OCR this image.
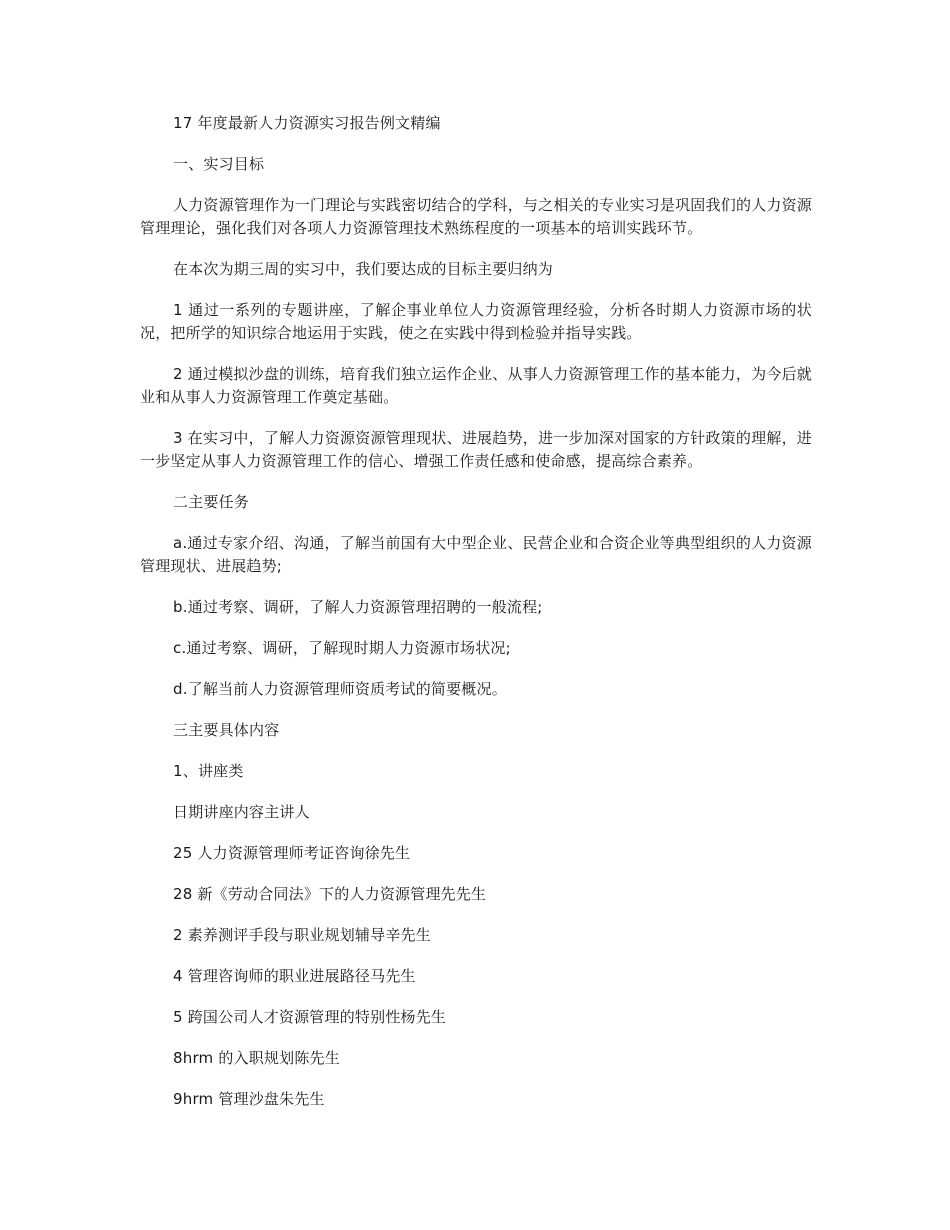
17 年度最新人力资源实习报告例文精编

一、实习目标

人力资源管理作为一门理论与实践密切结合的学科，与之相关的专业实习是巩固我们的人力资源管理理论，强化我们对各项人力资源管理技术熟练程度的一项基本的培训实践环节。

在本次为期三周的实习中，我们要达成的目标主要归纳为

1 通过一系列的专题讲座，了解企事业单位人力资源管理经验，分析各时期人力资源市场的状况，把所学的知识综合地运用于实践，使之在实践中得到检验并指导实践。

2 通过模拟沙盘的训练，培育我们独立运作企业、从事人力资源管理工作的基本能力，为今后就业和从事人力资源管理工作奠定基础。

3 在实习中，了解人力资源资源管理现状、进展趋势，进一步加深对国家的方针政策的理解，进一步坚定从事人力资源管理工作的信心、增强工作责任感和使命感，提高综合素养。

二主要任务

a.通过专家介绍、沟通，了解当前国有大中型企业、民营企业和合资企业等典型组织的人力资源管理现状、进展趋势;

b.通过考察、调研，了解人力资源管理招聘的一般流程;

c.通过考察、调研，了解现时期人力资源市场状况;

d.了解当前人力资源管理师资质考试的简要概况。

三主要具体内容

1、讲座类

日期讲座内容主讲人

25 人力资源管理师考证咨询徐先生

28 新《劳动合同法》下的人力资源管理先先生

2 素养测评手段与职业规划辅导辛先生

4 管理咨询师的职业进展路径马先生

5 跨国公司人才资源管理的特别性杨先生

8hrm 的入职规划陈先生

9hrm 管理沙盘朱先生
